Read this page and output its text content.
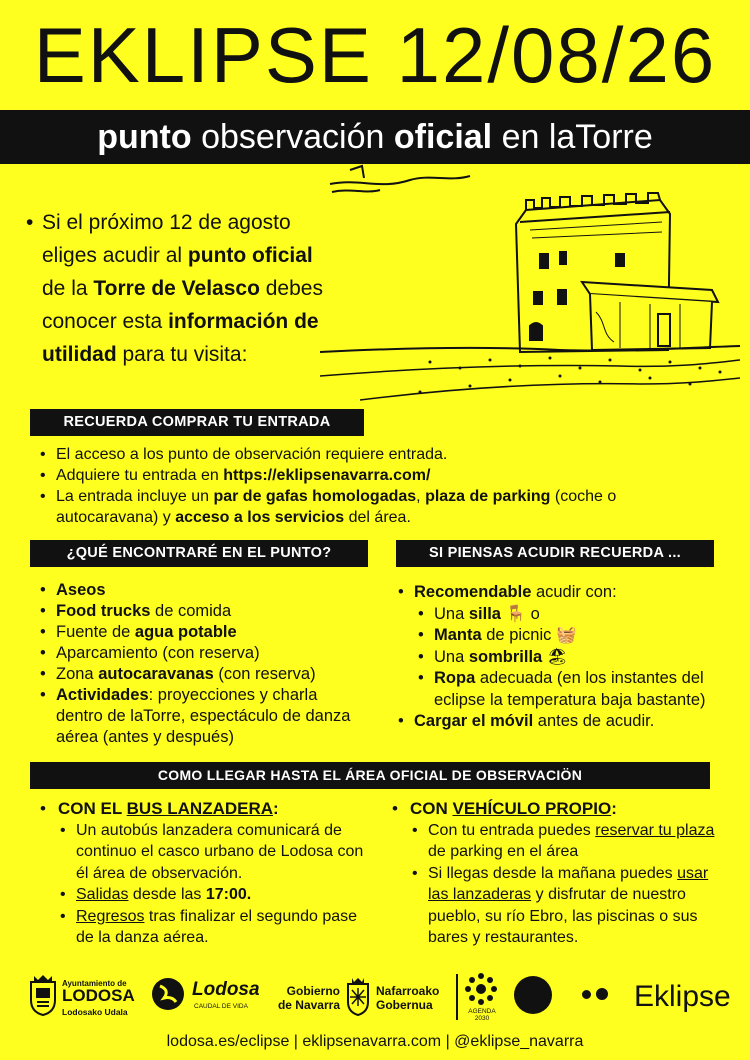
EKLIPSE 12/08/26
punto observación oficial en laTorre
• Si el próximo 12 de agosto eliges acudir al punto oficial de la Torre de Velasco debes conocer esta información de utilidad para tu visita:

RECUERDA COMPRAR TU ENTRADA
• El acceso a los punto de observación requiere entrada.
• Adquiere tu entrada en https://eklipsenavarra.com/
• La entrada incluye un par de gafas homologadas, plaza de parking (coche o autocaravana) y acceso a los servicios del área.
¿QUÉ ENCONTRARÉ EN EL PUNTO?
• Aseos
• Food trucks de comida
• Fuente de agua potable
• Aparcamiento (con reserva)
• Zona autocaravanas (con reserva)
• Actividades: proyecciones y charla dentro de laTorre, espectáculo de danza aérea (antes y después)
SI PIENSAS ACUDIR RECUERDA ...
• Recomendable acudir con:
• Una silla 🪑 o
• Manta de picnic 🧺
• Una sombrilla 🏖
• Ropa adecuada (en los instantes del eclipse la temperatura baja bastante)
• Cargar el móvil antes de acudir.
COMO LLEGAR HASTA EL ÁREA OFICIAL DE OBSERVACIÖN
• CON EL BUS LANZADERA:
• Un autobús lanzadera comunicará de continuo el casco urbano de Lodosa con él área de observación.
• Salidas desde las 17:00.
• Regresos tras finalizar el segundo pase de la danza aérea.
• CON VEHÍCULO PROPIO:
• Con tu entrada puedes reservar tu plaza de parking en el área
• Si llegas desde la mañana puedes usar las lanzaderas y disfrutar de nuestro pueblo, su río Ebro, las piscinas o sus bares y restaurantes.
Ayuntamiento de
LODOSA
Lodosako Udala
Lodosa
CAUDAL DE VIDA
Gobierno
de Navarra
Nafarroako
Gobernua	AGENDA 2030
Eklipse
lodosa.es/eclipse | eklipsenavarra.com | @eklipse_navarra
